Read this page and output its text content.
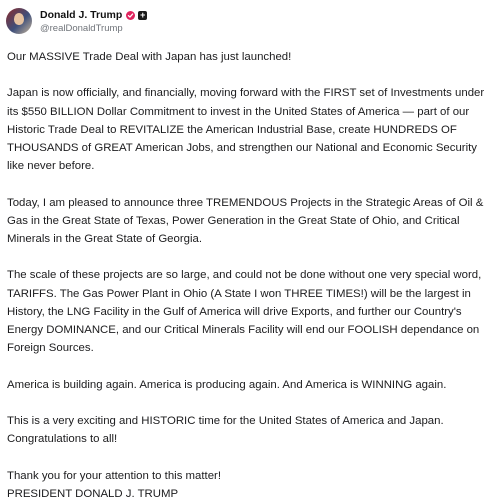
Donald J. Trump +
@realDonaldTrump

Our MASSIVE Trade Deal with Japan has just launched!

Japan is now officially, and financially, moving forward with the FIRST set of Investments under its $550 BILLION Dollar Commitment to invest in the United States of America — part of our Historic Trade Deal to REVITALIZE the American Industrial Base, create HUNDREDS OF THOUSANDS of GREAT American Jobs, and strengthen our National and Economic Security like never before.

Today, I am pleased to announce three TREMENDOUS Projects in the Strategic Areas of Oil & Gas in the Great State of Texas, Power Generation in the Great State of Ohio, and Critical Minerals in the Great State of Georgia.

The scale of these projects are so large, and could not be done without one very special word, TARIFFS. The Gas Power Plant in Ohio (A State I won THREE TIMES!) will be the largest in History, the LNG Facility in the Gulf of America will drive Exports, and further our Country's Energy DOMINANCE, and our Critical Minerals Facility will end our FOOLISH dependance on Foreign Sources.

America is building again. America is producing again. And America is WINNING again.

This is a very exciting and HISTORIC time for the United States of America and Japan. Congratulations to all!

Thank you for your attention to this matter!

PRESIDENT DONALD J. TRUMP
